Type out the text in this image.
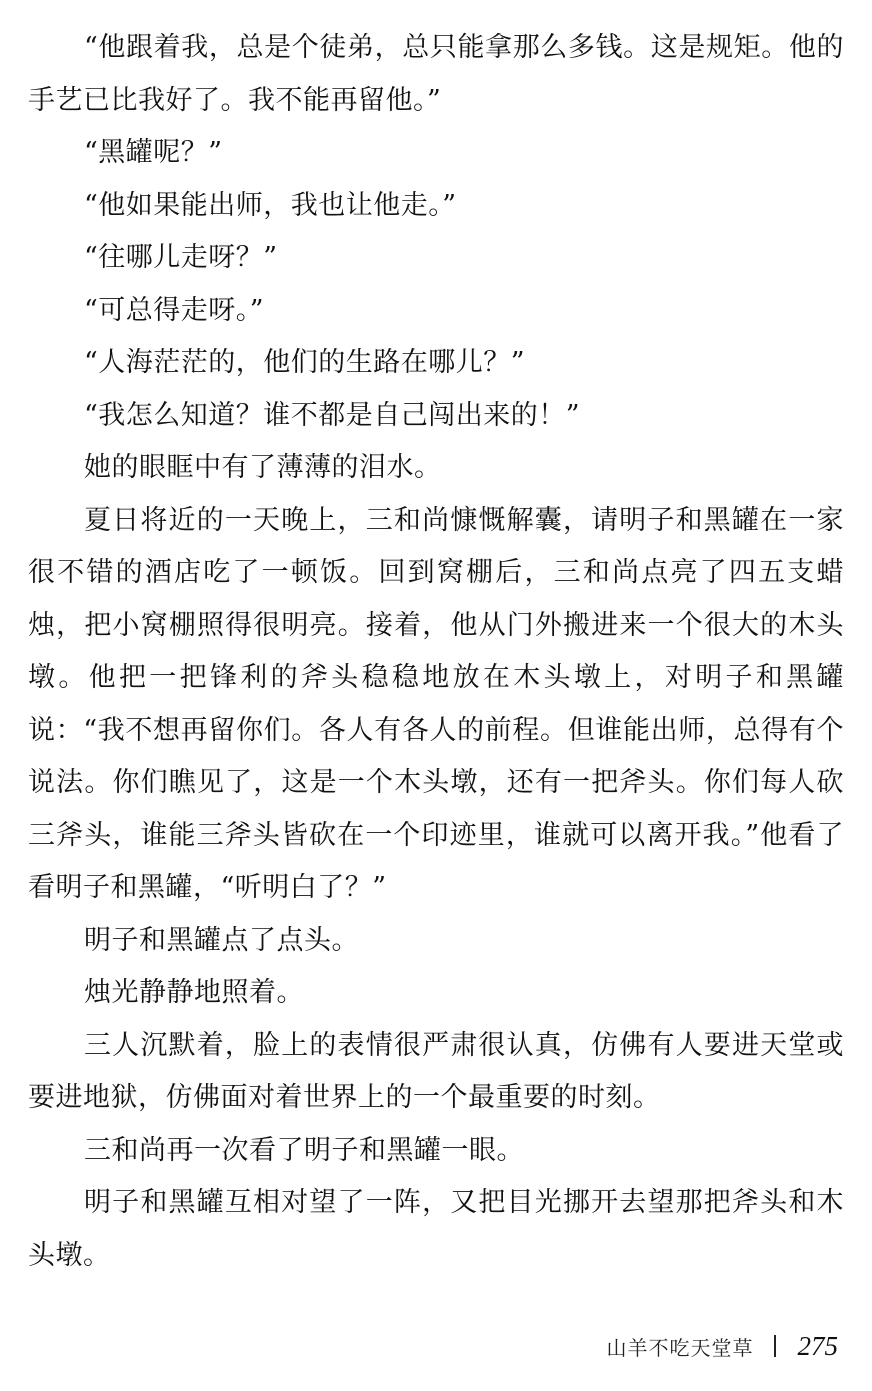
“他跟着我，总是个徒弟，总只能拿那么多钱。这是规矩。他的手艺已比我好了。我不能再留他。”

“黑罐呢？”

“他如果能出师，我也让他走。”

“往哪儿走呀？”

“可总得走呀。”

“人海茫茫的，他们的生路在哪儿？”

“我怎么知道？谁不都是自己闯出来的！”

她的眼眶中有了薄薄的泪水。

夏日将近的一天晚上，三和尚慷慨解囊，请明子和黑罐在一家很不错的酒店吃了一顿饭。回到窝棚后，三和尚点亮了四五支蜡烛，把小窝棚照得很明亮。接着，他从门外搬进来一个很大的木头墩。他把一把锋利的斧头稳稳地放在木头墩上，对明子和黑罐说：“我不想再留你们。各人有各人的前程。但谁能出师，总得有个说法。你们瞧见了，这是一个木头墩，还有一把斧头。你们每人砍三斧头，谁能三斧头皆砍在一个印迹里，谁就可以离开我。”他看了看明子和黑罐，“听明白了？”

明子和黑罐点了点头。

烛光静静地照着。

三人沉默着，脸上的表情很严肃很认真，仿佛有人要进天堂或要进地狱，仿佛面对着世界上的一个最重要的时刻。

三和尚再一次看了明子和黑罐一眼。

明子和黑罐互相对望了一阵，又把目光挪开去望那把斧头和木头墩。

山羊不吃天堂草 275
